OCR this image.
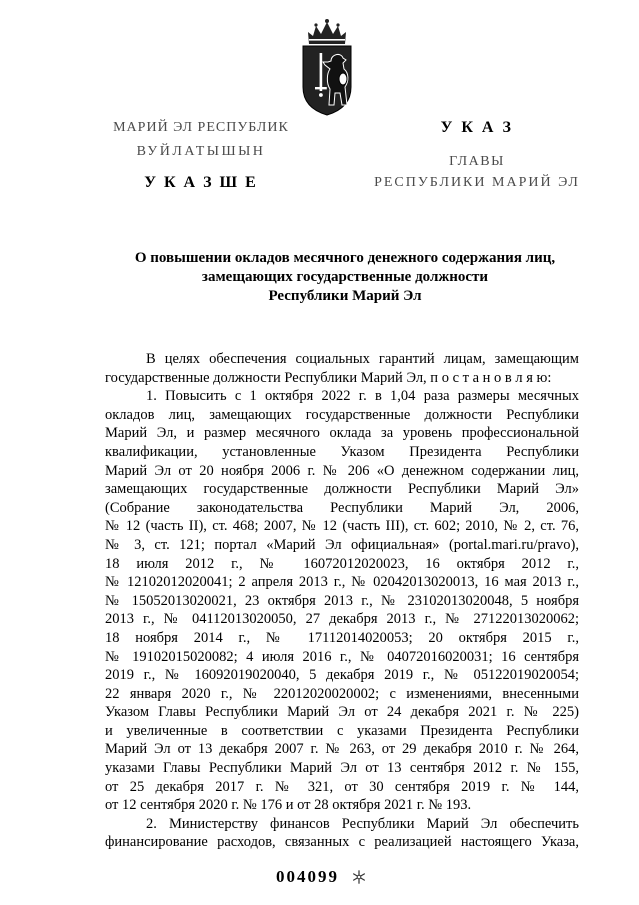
МАРИЙ ЭЛ РЕСПУБЛИК
ВУЙЛАТЫШЫН
У К А З Ш Е
У К А З
ГЛАВЫ
РЕСПУБЛИКИ МАРИЙ ЭЛ
О повышении окладов месячного денежного содержания лиц,
замещающих государственные должности
Республики Марий Эл
В целях обеспечения социальных гарантий лицам, замещающим
государственные должности Республики Марий Эл, п о с т а н о в л я ю:
1. Повысить с 1 октября 2022 г. в 1,04 раза размеры месячных
окладов лиц, замещающих государственные должности Республики
Марий Эл, и размер месячного оклада за уровень профессиональной
квалификации, установленные Указом Президента Республики
Марий Эл от 20 ноября 2006 г. № 206 «О денежном содержании лиц,
замещающих государственные должности Республики Марий Эл»
(Собрание законодательства Республики Марий Эл, 2006,
№ 12 (часть II), ст. 468; 2007, № 12 (часть III), ст. 602; 2010, № 2, ст. 76,
№ 3, ст. 121; портал «Марий Эл официальная» (portal.mari.ru/pravo),
18 июля 2012 г., № 16072012020023, 16 октября 2012 г.,
№ 12102012020041; 2 апреля 2013 г., № 02042013020013, 16 мая 2013 г.,
№ 15052013020021, 23 октября 2013 г., № 23102013020048, 5 ноября
2013 г., № 04112013020050, 27 декабря 2013 г., № 27122013020062;
18 ноября 2014 г., № 17112014020053; 20 октября 2015 г.,
№ 19102015020082; 4 июля 2016 г., № 04072016020031; 16 сентября
2019 г., № 16092019020040, 5 декабря 2019 г., № 05122019020054;
22 января 2020 г., № 22012020020002; с изменениями, внесенными
Указом Главы Республики Марий Эл от 24 декабря 2021 г. № 225)
и увеличенные в соответствии с указами Президента Республики
Марий Эл от 13 декабря 2007 г. № 263, от 29 декабря 2010 г. № 264,
указами Главы Республики Марий Эл от 13 сентября 2012 г. № 155,
от 25 декабря 2017 г. № 321, от 30 сентября 2019 г. № 144,
от 12 сентября 2020 г. № 176 и от 28 октября 2021 г. № 193.
2. Министерству финансов Республики Марий Эл обеспечить
финансирование расходов, связанных с реализацией настоящего Указа,
004099
